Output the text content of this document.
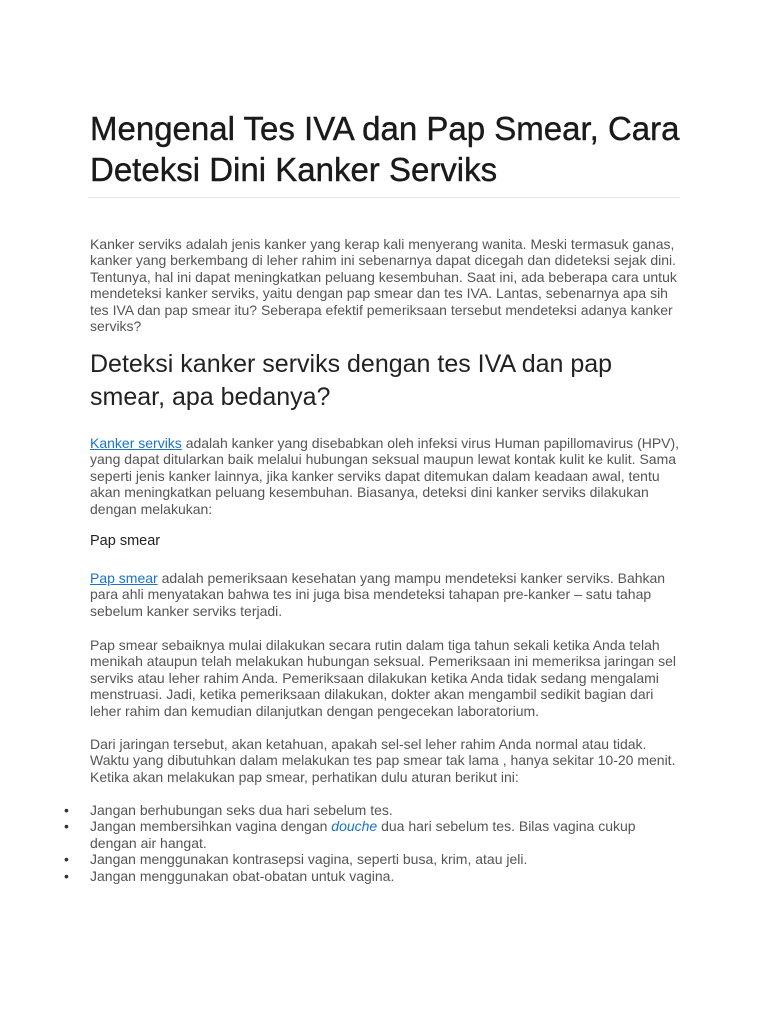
Mengenal Tes IVA dan Pap Smear, Cara Deteksi Dini Kanker Serviks

Kanker serviks adalah jenis kanker yang kerap kali menyerang wanita. Meski termasuk ganas, kanker yang berkembang di leher rahim ini sebenarnya dapat dicegah dan dideteksi sejak dini. Tentunya, hal ini dapat meningkatkan peluang kesembuhan. Saat ini, ada beberapa cara untuk mendeteksi kanker serviks, yaitu dengan pap smear dan tes IVA. Lantas, sebenarnya apa sih tes IVA dan pap smear itu? Seberapa efektif pemeriksaan tersebut mendeteksi adanya kanker serviks?

Deteksi kanker serviks dengan tes IVA dan pap smear, apa bedanya?

Kanker serviks adalah kanker yang disebabkan oleh infeksi virus Human papillomavirus (HPV), yang dapat ditularkan baik melalui hubungan seksual maupun lewat kontak kulit ke kulit. Sama seperti jenis kanker lainnya, jika kanker serviks dapat ditemukan dalam keadaan awal, tentu akan meningkatkan peluang kesembuhan. Biasanya, deteksi dini kanker serviks dilakukan dengan melakukan:

Pap smear

Pap smear adalah pemeriksaan kesehatan yang mampu mendeteksi kanker serviks. Bahkan para ahli menyatakan bahwa tes ini juga bisa mendeteksi tahapan pre-kanker – satu tahap sebelum kanker serviks terjadi.

Pap smear sebaiknya mulai dilakukan secara rutin dalam tiga tahun sekali ketika Anda telah menikah ataupun telah melakukan hubungan seksual. Pemeriksaan ini memeriksa jaringan sel serviks atau leher rahim Anda. Pemeriksaan dilakukan ketika Anda tidak sedang mengalami menstruasi. Jadi, ketika pemeriksaan dilakukan, dokter akan mengambil sedikit bagian dari leher rahim dan kemudian dilanjutkan dengan pengecekan laboratorium.

Dari jaringan tersebut, akan ketahuan, apakah sel-sel leher rahim Anda normal atau tidak. Waktu yang dibutuhkan dalam melakukan tes pap smear tak lama , hanya sekitar 10-20 menit. Ketika akan melakukan pap smear, perhatikan dulu aturan berikut ini:

• Jangan berhubungan seks dua hari sebelum tes.
• Jangan membersihkan vagina dengan douche dua hari sebelum tes. Bilas vagina cukup dengan air hangat.
• Jangan menggunakan kontrasepsi vagina, seperti busa, krim, atau jeli.
• Jangan menggunakan obat-obatan untuk vagina.
